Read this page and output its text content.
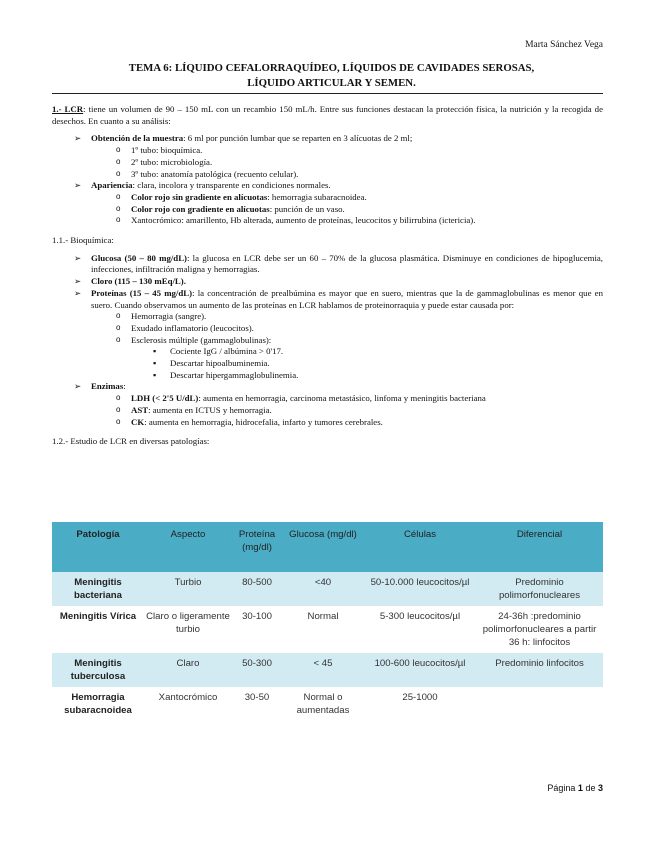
Marta Sánchez Vega
TEMA 6: LÍQUIDO CEFALORRAQUÍDEO, LÍQUIDOS DE CAVIDADES SEROSAS,
LÍQUIDO ARTICULAR Y SEMEN.

1.- LCR: tiene un volumen de 90 – 150 mL con un recambio 150 mL/h. Entre sus funciones destacan la protección física, la nutrición y la recogida de desechos. En cuanto a su análisis:

➢ Obtención de la muestra: 6 ml por punción lumbar que se reparten en 3 alícuotas de 2 ml;
o 1º tubo: bioquímica.
o 2º tubo: microbiología.
o 3º tubo: anatomía patológica (recuento celular).
➢ Apariencia: clara, incolora y transparente en condiciones normales.
o Color rojo sin gradiente en alícuotas: hemorragia subaracnoidea.
o Color rojo con gradiente en alícuotas: punción de un vaso.
o Xantocrómico: amarillento, Hb alterada, aumento de proteínas, leucocitos y bilirrubina (ictericia).

1.1.- Bioquímica:

➢ Glucosa (50 – 80 mg/dL): la glucosa en LCR debe ser un 60 – 70% de la glucosa plasmática. Disminuye en condiciones de hipoglucemia, infecciones, infiltración maligna y hemorragias.
➢ Cloro (115 – 130 mEq/L).
➢ Proteínas (15 – 45 mg/dL): la concentración de prealbúmina es mayor que en suero, mientras que la de gammaglobulinas es menor que en suero. Cuando observamos un aumento de las proteínas en LCR hablamos de proteinorraquia y puede estar causada por:
o Hemorragia (sangre).
o Exudado inflamatorio (leucocitos).
o Esclerosis múltiple (gammaglobulinas):
▪ Cociente IgG / albúmina > 0'17.
▪ Descartar hipoalbuminemia.
▪ Descartar hipergammaglobulinemia.
➢ Enzimas:
o LDH (< 2'5 U/dL): aumenta en hemorragia, carcinoma metastásico, linfoma y meningitis bacteriana
o AST: aumenta en ICTUS y hemorragia.
o CK: aumenta en hemorragia, hidrocefalia, infarto y tumores cerebrales.

1.2.- Estudio de LCR en diversas patologías:

Patología	Aspecto	Proteína (mg/dl)	Glucosa (mg/dl)	Células	Diferencial
Meningitis bacteriana	Turbio	80-500	<40	50-10.000 leucocitos/µl	Predominio polimorfonucleares
Meningitis Vírica	Claro o ligeramente turbio	30-100	Normal	5-300 leucocitos/µl	24-36h :predominio polimorfonucleares a partir 36 h: linfocitos
Meningitis tuberculosa	Claro	50-300	< 45	100-600 leucocitos/µl	Predominio linfocitos
Hemorragia subaracnoidea	Xantocrómico	30-50	Normal o aumentadas	25-1000	
Página 1 de 3
